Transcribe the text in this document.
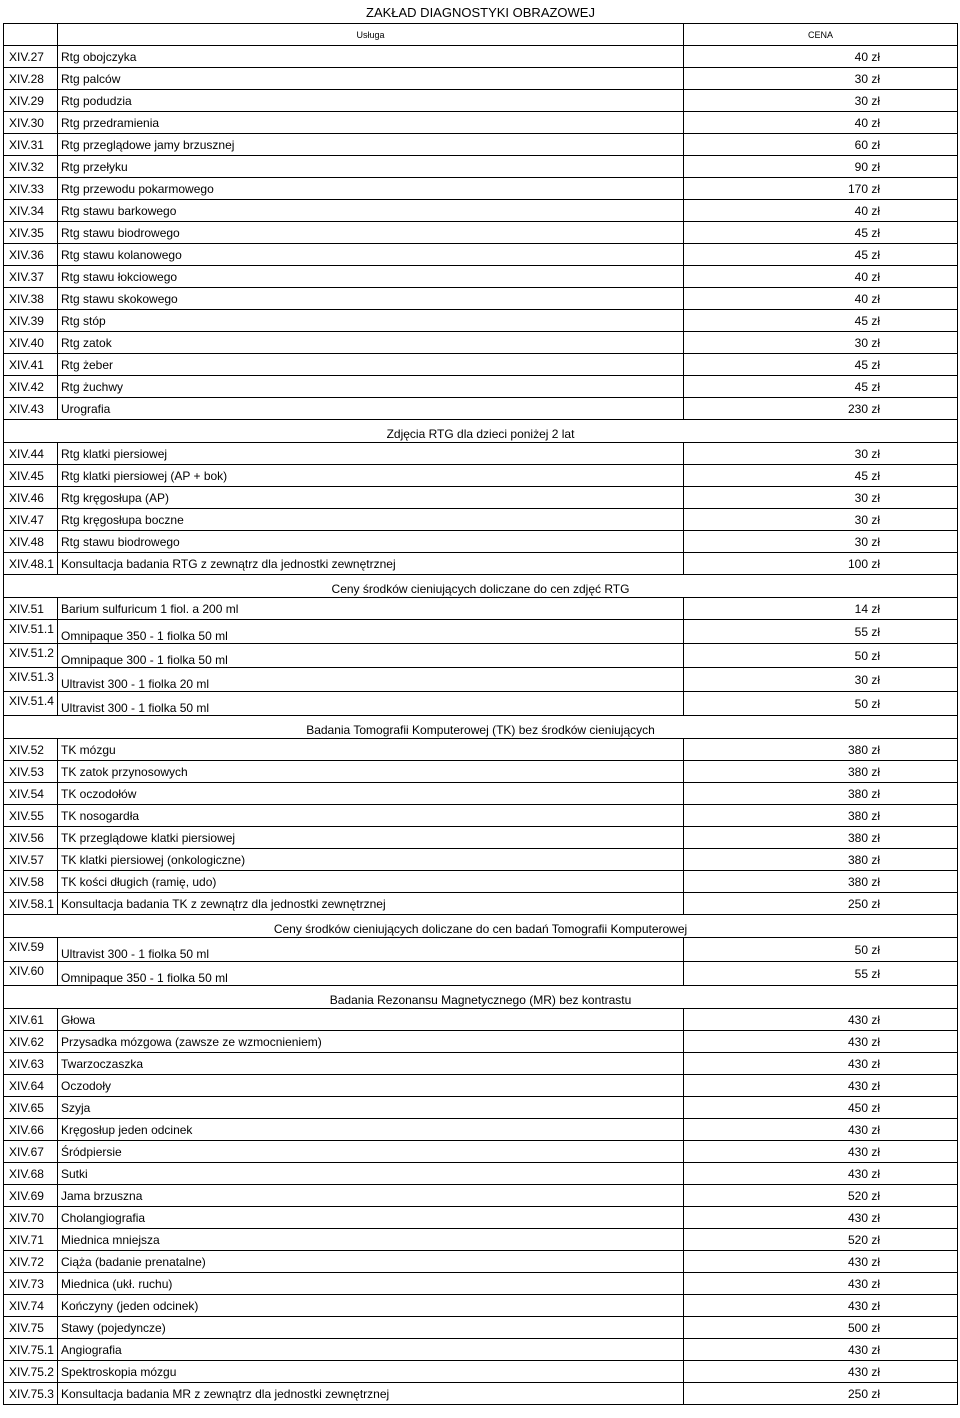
ZAKŁAD DIAGNOSTYKI OBRAZOWEJ		
	Usługa	CENA
XIV.27	Rtg obojczyka	40 zł
XIV.28	Rtg palców	30 zł
XIV.29	Rtg podudzia	30 zł
XIV.30	Rtg przedramienia	40 zł
XIV.31	Rtg przeglądowe jamy brzusznej	60 zł
XIV.32	Rtg przełyku	90 zł
XIV.33	Rtg przewodu pokarmowego	170 zł
XIV.34	Rtg stawu barkowego	40 zł
XIV.35	Rtg stawu biodrowego	45 zł
XIV.36	Rtg stawu kolanowego	45 zł
XIV.37	Rtg stawu łokciowego	40 zł
XIV.38	Rtg stawu skokowego	40 zł
XIV.39	Rtg stóp	45 zł
XIV.40	Rtg zatok	30 zł
XIV.41	Rtg żeber	45 zł
XIV.42	Rtg żuchwy	45 zł
XIV.43	Urografia	230 zł
Zdjęcia RTG dla dzieci poniżej 2 lat		
XIV.44	Rtg klatki piersiowej	30 zł
XIV.45	Rtg klatki piersiowej (AP + bok)	45 zł
XIV.46	Rtg kręgosłupa (AP)	30 zł
XIV.47	Rtg kręgosłupa boczne	30 zł
XIV.48	Rtg stawu biodrowego	30 zł
XIV.48.1	Konsultacja badania RTG z zewnątrz dla jednostki zewnętrznej	100 zł
Ceny środków cieniujących doliczane do cen zdjęć RTG		
XIV.51	Barium sulfuricum 1 fiol. a 200 ml	14 zł
XIV.51.1	Omnipaque 350 - 1 fiolka 50 ml	55 zł
XIV.51.2	Omnipaque 300 - 1 fiolka 50 ml	50 zł
XIV.51.3	Ultravist 300 - 1 fiolka 20 ml	30 zł
XIV.51.4	Ultravist 300 - 1 fiolka 50 ml	50 zł
Badania Tomografii Komputerowej (TK) bez środków cieniujących		
XIV.52	TK mózgu	380 zł
XIV.53	TK zatok przynosowych	380 zł
XIV.54	TK oczodołów	380 zł
XIV.55	TK nosogardła	380 zł
XIV.56	TK przeglądowe klatki piersiowej	380 zł
XIV.57	TK klatki piersiowej (onkologiczne)	380 zł
XIV.58	TK kości długich (ramię, udo)	380 zł
XIV.58.1	Konsultacja badania TK z zewnątrz dla jednostki zewnętrznej	250 zł
Ceny środków cieniujących doliczane do cen badań Tomografii Komputerowej		
XIV.59	Ultravist 300 - 1 fiolka 50 ml	50 zł
XIV.60	Omnipaque 350 - 1 fiolka 50 ml	55 zł
Badania Rezonansu Magnetycznego (MR) bez kontrastu		
XIV.61	Głowa	430 zł
XIV.62	Przysadka mózgowa (zawsze ze wzmocnieniem)	430 zł
XIV.63	Twarzoczaszka	430 zł
XIV.64	Oczodoły	430 zł
XIV.65	Szyja	450 zł
XIV.66	Kręgosłup jeden odcinek	430 zł
XIV.67	Śródpiersie	430 zł
XIV.68	Sutki	430 zł
XIV.69	Jama brzuszna	520 zł
XIV.70	Cholangiografia	430 zł
XIV.71	Miednica mniejsza	520 zł
XIV.72	Ciąża (badanie prenatalne)	430 zł
XIV.73	Miednica (ukł. ruchu)	430 zł
XIV.74	Kończyny (jeden odcinek)	430 zł
XIV.75	Stawy (pojedyncze)	500 zł
XIV.75.1	Angiografia	430 zł
XIV.75.2	Spektroskopia mózgu	430 zł
XIV.75.3	Konsultacja badania MR z zewnątrz dla jednostki zewnętrznej	250 zł
